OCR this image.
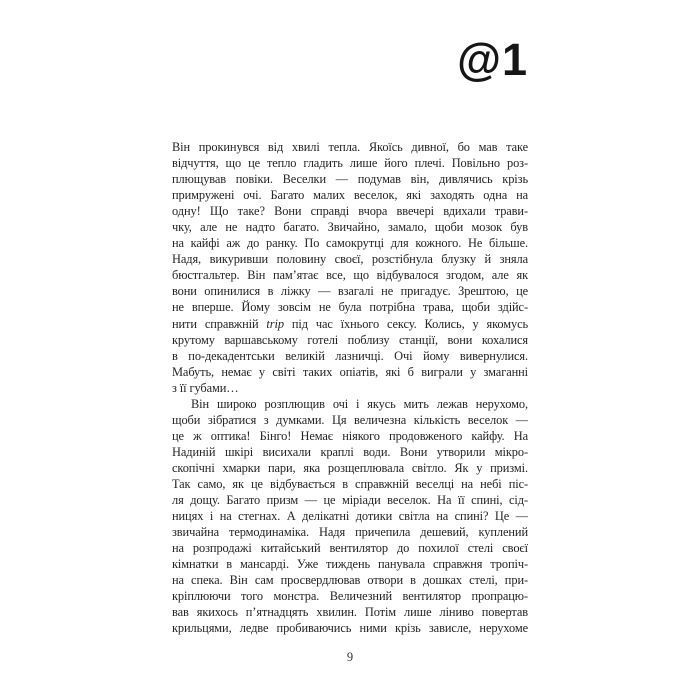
@1
Він прокинувся від хвилі тепла. Якоїсь дивної, бо мав таке
відчуття, що це тепло гладить лише його плечі. Повільно роз-
плющував повіки. Веселки — подумав він, дивлячись крізь
примружені очі. Багато малих веселок, які заходять одна на
одну! Що таке? Вони справді вчора ввечері вдихали трави-
чку, але не надто багато. Звичайно, замало, щоби мозок був
на кайфі аж до ранку. По самокрутці для кожного. Не більше.
Надя, викуривши половину своєї, розстібнула блузку й зняла
бюстгальтер. Він пам’ятає все, що відбувалося згодом, але як
вони опинилися в ліжку — взагалі не пригадує. Зрештою, це
не вперше. Йому зовсім не була потрібна трава, щоби здійс-
нити справжній trip під час їхнього сексу. Колись, у якомусь
крутому варшавському готелі поблизу станції, вони кохалися
в по-декадентськи великій лазничці. Очі йому вивернулися.
Мабуть, немає у світі таких опіатів, які б виграли у змаганні
з її губами…
Він широко розплющив очі і якусь мить лежав нерухомо,
щоби зібратися з думками. Ця величезна кількість веселок —
це ж оптика! Бінго! Немає ніякого продовженого кайфу. На
Надиній шкірі висихали краплі води. Вони утворили мікро-
скопічні хмарки пари, яка розщеплювала світло. Як у призмі.
Так само, як це відбувається в справжній веселці на небі піс-
ля дощу. Багато призм — це міріади веселок. На її спині, сід-
ницях і на стегнах. А делікатні дотики світла на спині? Це —
звичайна термодинаміка. Надя причепила дешевий, куплений
на розпродажі китайський вентилятор до похилої стелі своєї
кімнатки в мансарді. Уже тиждень панувала справжня тропіч-
на спека. Він сам просвердлював отвори в дошках стелі, при-
кріплюючи того монстра. Величезний вентилятор пропрацю-
вав якихось п’ятнадцять хвилин. Потім лише ліниво повертав
крильцями, ледве пробиваючись ними крізь зависле, нерухоме
9
